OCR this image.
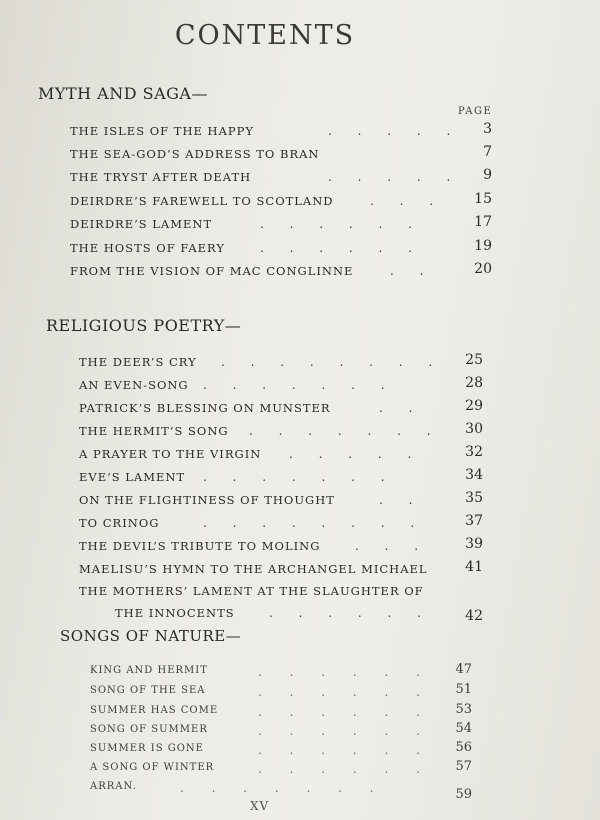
CONTENTS
MYTH AND SAGA—
PAGE
THE ISLES OF THE HAPPY	. . . . . 3
THE SEA-GOD’S ADDRESS TO BRAN	7
THE TRYST AFTER DEATH	. . . . . 9
DEIRDRE’S FAREWELL TO SCOTLAND	. . . 15
DEIRDRE’S LAMENT	. . . . . .	17
THE HOSTS OF FAERY	. . . . . .	19
FROM THE VISION OF MAC CONGLINNE	. .	20
RELIGIOUS POETRY—
THE DEER’S CRY . . . . . . . . 25
AN EVEN-SONG . . . . . . .	28
PATRICK’S BLESSING ON MUNSTER	. .	29
THE HERMIT’S SONG . . . . . . . 30
A PRAYER TO THE VIRGIN . . . . .	32
EVE’S LAMENT . . . . . . .	34
ON THE FLIGHTINESS OF THOUGHT	. .	35
TO CRINOG	. . . . . . . .	37
THE DEVIL’S TRIBUTE TO MOLING	. . .	39
MAELISU’S HYMN TO THE ARCHANGEL MICHAEL	41
THE MOTHERS’ LAMENT AT THE SLAUGHTER OF
THE INNOCENTS	. . . . . . 42
SONGS OF NATURE—
KING AND HERMIT	. . . . . . 47
SONG OF THE SEA	. . . . . . 51
SUMMER HAS COME	. . . . . . 53
SONG OF SUMMER	. . . . . . 54
SUMMER IS GONE	. . . . . . 56
A SONG OF WINTER	. . . . . . 57
ARRAN.	. . . . . . .	59
XV
